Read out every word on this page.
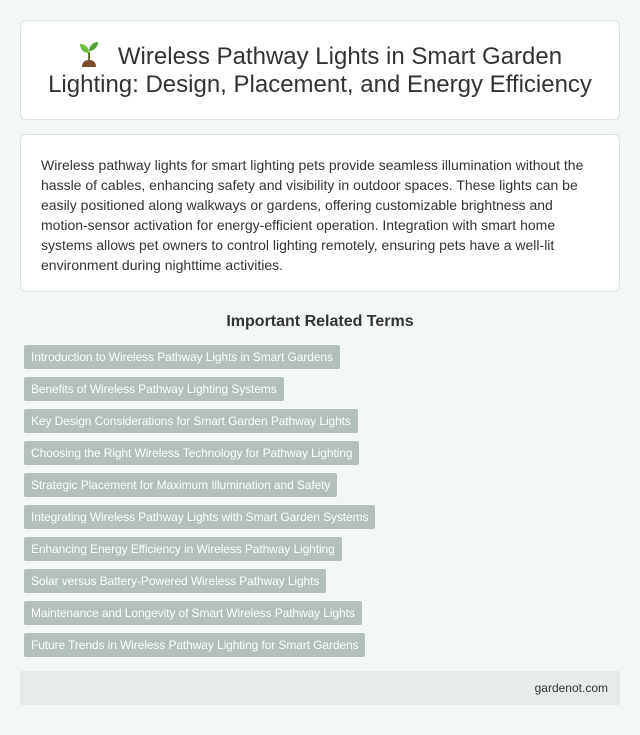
Wireless Pathway Lights in Smart Garden Lighting: Design, Placement, and Energy Efficiency

Wireless pathway lights for smart lighting pets provide seamless illumination without the hassle of cables, enhancing safety and visibility in outdoor spaces. These lights can be easily positioned along walkways or gardens, offering customizable brightness and motion-sensor activation for energy-efficient operation. Integration with smart home systems allows pet owners to control lighting remotely, ensuring pets have a well-lit environment during nighttime activities.

Important Related Terms
Introduction to Wireless Pathway Lights in Smart Gardens
Benefits of Wireless Pathway Lighting Systems
Key Design Considerations for Smart Garden Pathway Lights
Choosing the Right Wireless Technology for Pathway Lighting
Strategic Placement for Maximum Illumination and Safety
Integrating Wireless Pathway Lights with Smart Garden Systems
Enhancing Energy Efficiency in Wireless Pathway Lighting
Solar versus Battery-Powered Wireless Pathway Lights
Maintenance and Longevity of Smart Wireless Pathway Lights
Future Trends in Wireless Pathway Lighting for Smart Gardens
gardenot.com
